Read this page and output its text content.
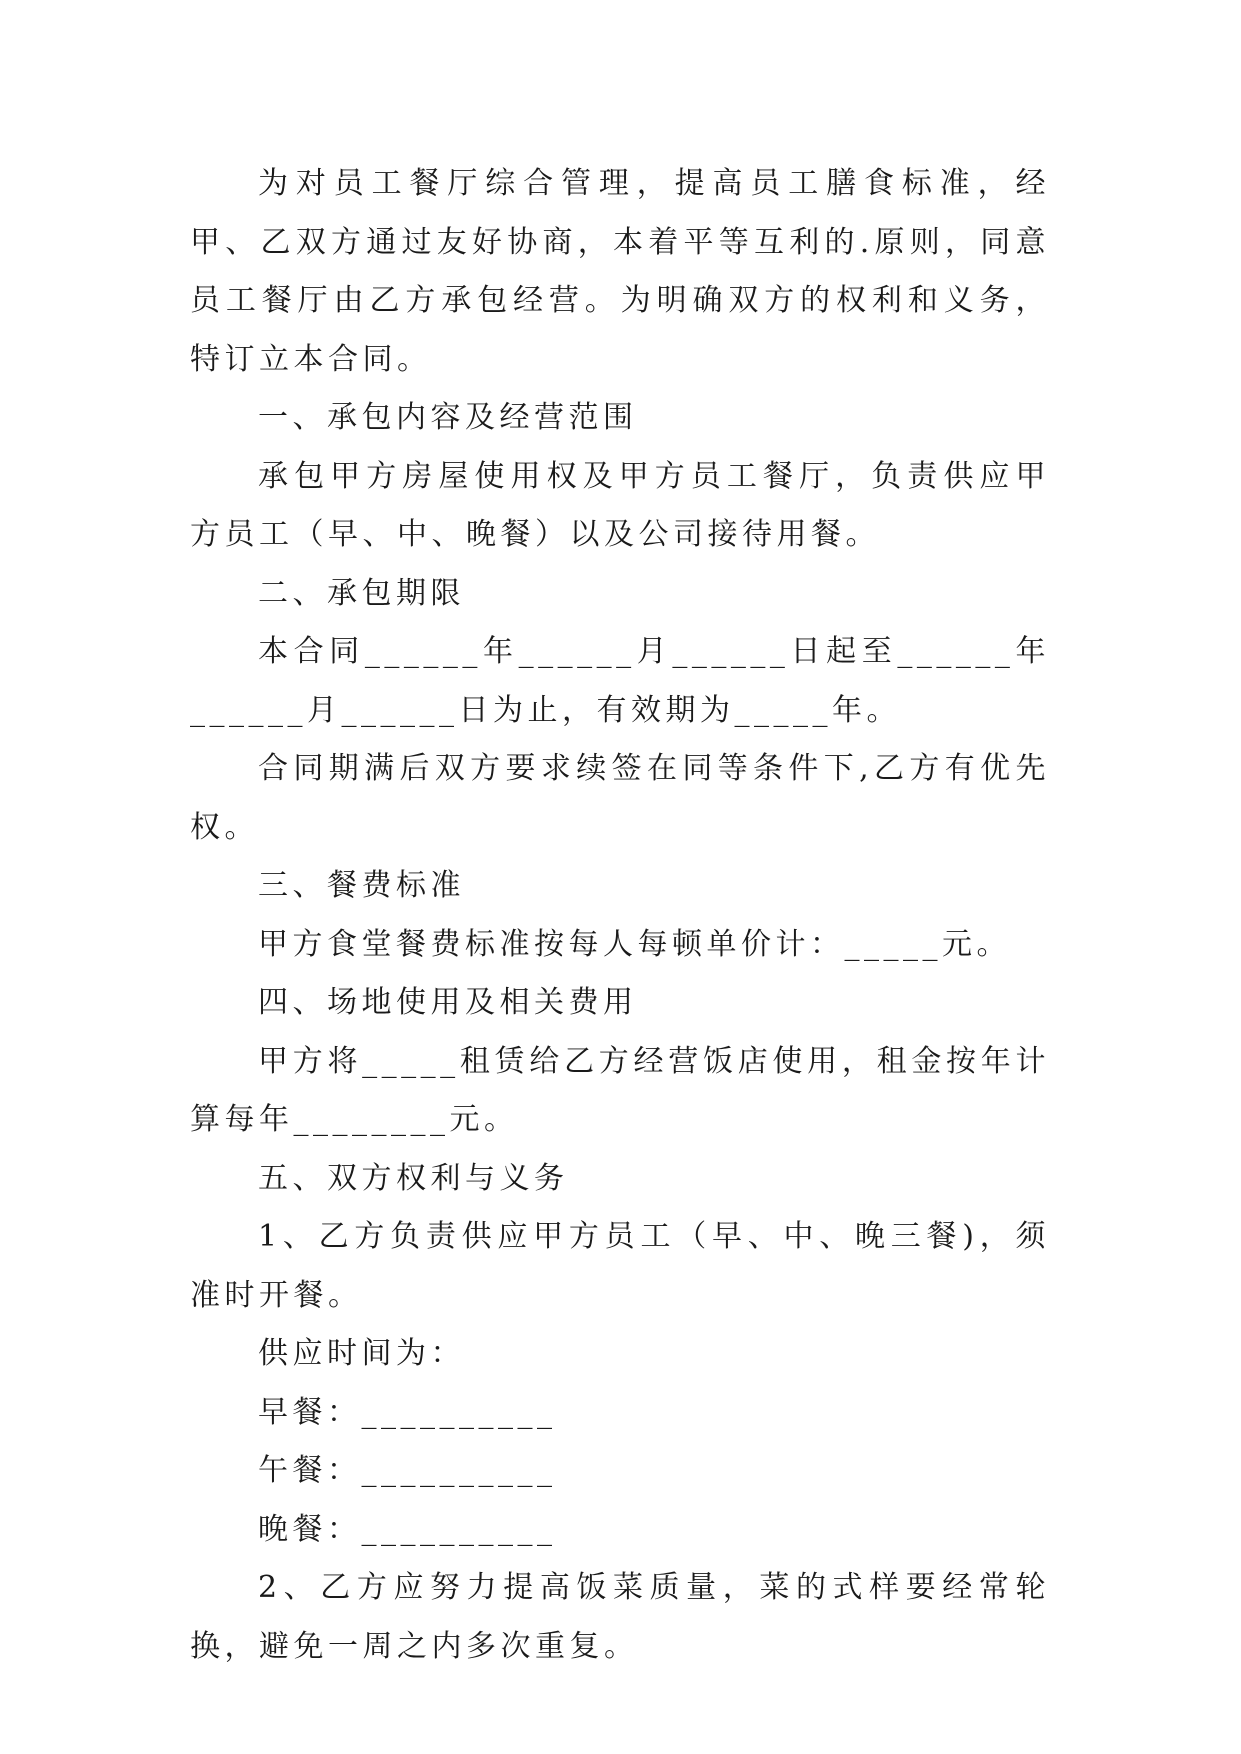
为对员工餐厅综合管理，提高员工膳食标准，经甲、乙双方通过友好协商，本着平等互利的.原则，同意员工餐厅由乙方承包经营。为明确双方的权利和义务，特订立本合同。

一、承包内容及经营范围

承包甲方房屋使用权及甲方员工餐厅，负责供应甲方员工（早、中、晚餐）以及公司接待用餐。

二、承包期限

本合同______年______月______日起至______年______月______日为止，有效期为_____年。

合同期满后双方要求续签在同等条件下,乙方有优先权。

三、餐费标准

甲方食堂餐费标准按每人每顿单价计：_____元。

四、场地使用及相关费用

甲方将_____租赁给乙方经营饭店使用，租金按年计算每年________元。

五、双方权利与义务

1、乙方负责供应甲方员工（早、中、晚三餐)，须准时开餐。

供应时间为：

早餐：__________

午餐：__________

晚餐：__________

2、乙方应努力提高饭菜质量，菜的式样要经常轮换，避免一周之内多次重复。
